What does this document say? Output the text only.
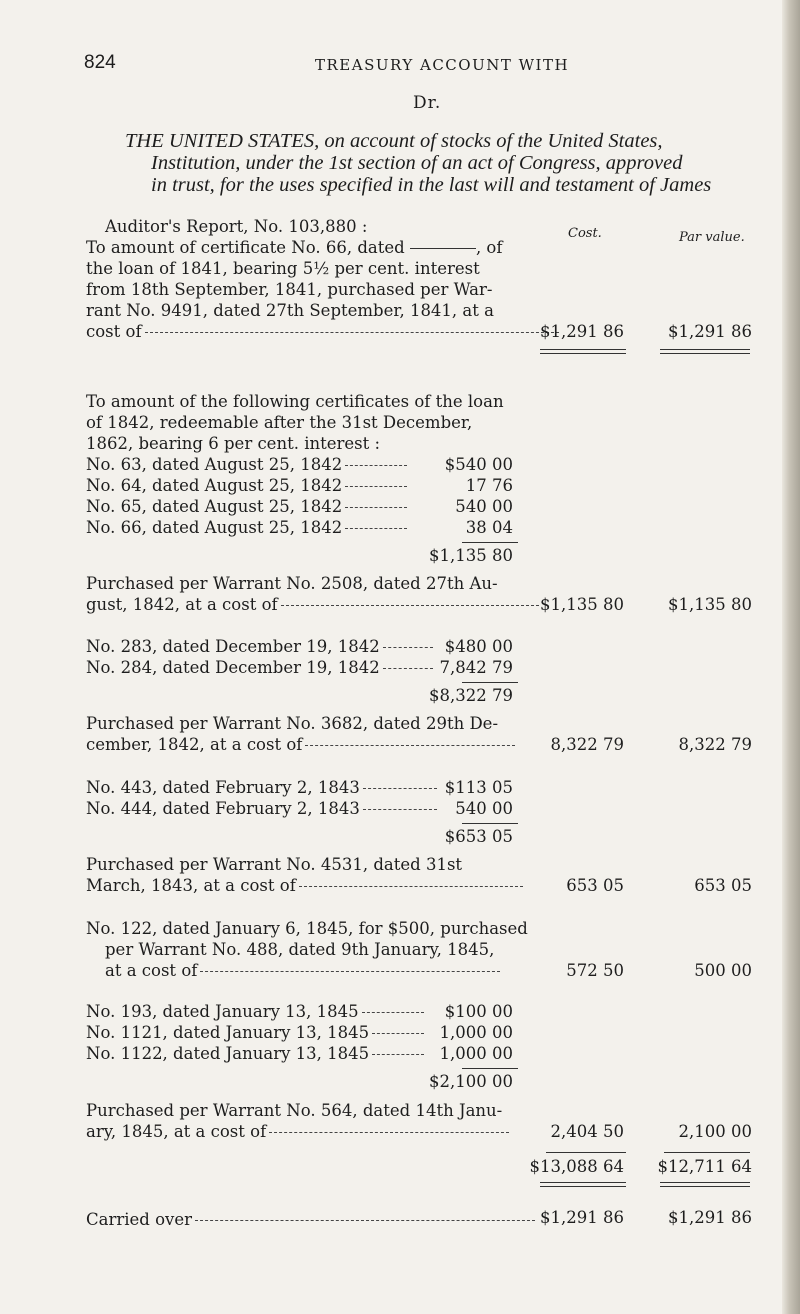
824	TREASURY ACCOUNT WITH
Dr.
THE UNITED STATES, on account of stocks of the United States,
Institution, under the 1st section of an act of Congress, approved
in trust, for the uses specified in the last will and testament of James
Cost.	Par value.
Auditor's Report, No. 103,880 :
To amount of certificate No. 66, dated	, of
the loan of 1841, bearing 5½ per cent. interest
from 18th September, 1841, purchased per War-
rant No. 9491, dated 27th September, 1841, at a
cost of	$1,291 86	$1,291 86
To amount of the following certificates of the loan
of 1842, redeemable after the 31st December,
1862, bearing 6 per cent. interest :
No. 63, dated August 25, 1842	$540 00
No. 64, dated August 25, 1842	17 76
No. 65, dated August 25, 1842	540 00
No. 66, dated August 25, 1842	38 04
$1,135 80
Purchased per Warrant No. 2508, dated 27th Au-
gust, 1842, at a cost of	$1,135 80	$1,135 80
No. 283, dated December 19, 1842	$480 00
No. 284, dated December 19, 1842	7,842 79
$8,322 79
Purchased per Warrant No. 3682, dated 29th De-
cember, 1842, at a cost of	8,322 79	8,322 79
No. 443, dated February 2, 1843	$113 05
No. 444, dated February 2, 1843	540 00
$653 05
Purchased per Warrant No. 4531, dated 31st
March, 1843, at a cost of	653 05	653 05
No. 122, dated January 6, 1845, for $500, purchased
per Warrant No. 488, dated 9th January, 1845,
at a cost of	572 50	500 00
No. 193, dated January 13, 1845	$100 00
No. 1121, dated January 13, 1845	1,000 00
No. 1122, dated January 13, 1845	1,000 00
$2,100 00
Purchased per Warrant No. 564, dated 14th Janu-
ary, 1845, at a cost of	2,404 50	2,100 00
$13,088 64	$12,711 64
Carried over	$1,291 86	$1,291 86
